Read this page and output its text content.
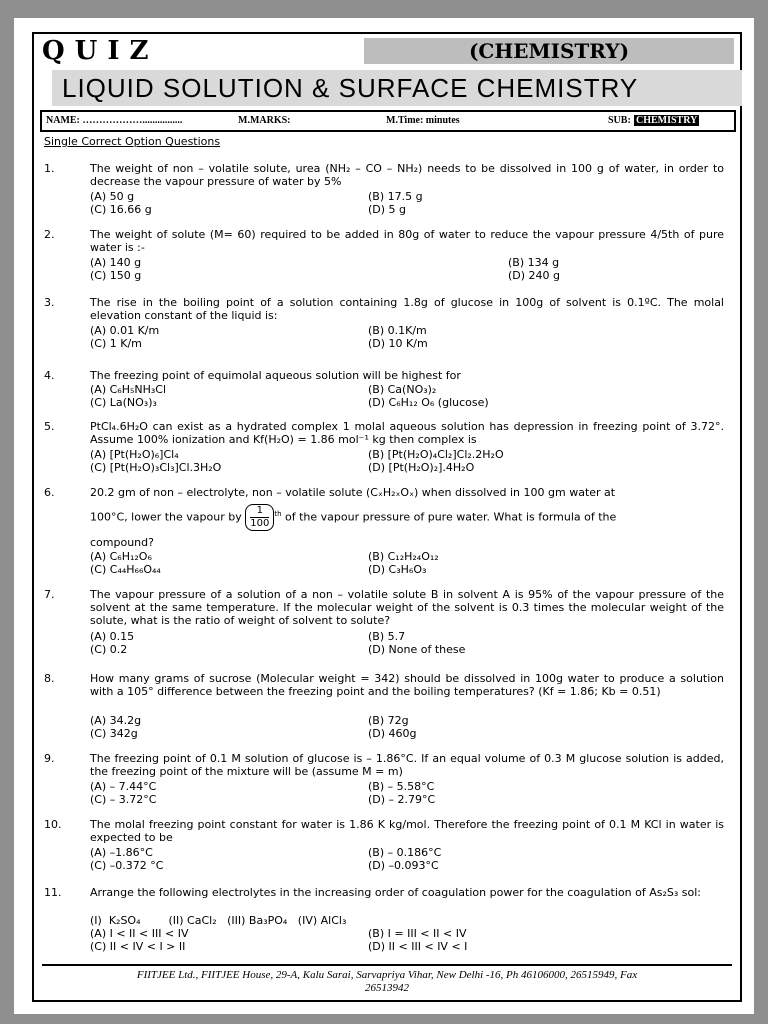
QUIZ	(CHEMISTRY)
LIQUID SOLUTION & SURFACE CHEMISTRY
NAME: ………………................	M.MARKS:	M.Time: minutes	SUB: CHEMISTRY
Single Correct Option Questions
1.	The weight of non – volatile solute, urea (NH₂ – CO – NH₂) needs to be dissolved in 100 g of water, in order to decrease the vapour pressure of water by 5%
(A) 50 g	(B) 17.5 g
(C) 16.66 g	(D) 5 g
2.	The weight of solute (M= 60) required to be added in 80g of water to reduce the vapour pressure 4/5th of pure water is :-
(A) 140 g	(B) 134 g
(C) 150 g	(D) 240 g
3.	The rise in the boiling point of a solution containing 1.8g of glucose in 100g of solvent is 0.1ºC. The molal elevation constant of the liquid is:
(A) 0.01 K/m	(B) 0.1K/m
(C) 1 K/m	(D) 10 K/m
4.	The freezing point of equimolal aqueous solution will be highest for
(A) C₆H₅NH₃Cl	(B) Ca(NO₃)₂
(C) La(NO₃)₃	(D) C₆H₁₂ O₆ (glucose)
5.	PtCl₄.6H₂O can exist as a hydrated complex 1 molal aqueous solution has depression in freezing point of 3.72°. Assume 100% ionization and Kf(H₂O) = 1.86 mol⁻¹ kg then complex is
(A) [Pt(H₂O)₆]Cl₄	(B) [Pt(H₂O)₄Cl₂]Cl₂.2H₂O
(C) [Pt(H₂O)₃Cl₃]Cl.3H₂O	(D) [Pt(H₂O)₂].4H₂O
6.	20.2 gm of non – electrolyte, non – volatile solute (CₓH₂ₓOₓ) when dissolved in 100 gm water at
100°C, lower the vapour by $\frac{1}{100} ^{th}$ of the vapour pressure of pure water. What is formula of the
compound?
(A) C₆H₁₂O₆	(B) C₁₂H₂₄O₁₂
(C) C₄₄H₆₆O₄₄	(D) C₃H₆O₃
7.	The vapour pressure of a solution of a non – volatile solute B in solvent A is 95% of the vapour pressure of the solvent at the same temperature. If the molecular weight of the solvent is 0.3 times the molecular weight of the solute, what is the ratio of weight of solvent to solute?
(A) 0.15	(B) 5.7
(C) 0.2	(D) None of these
8.	How many grams of sucrose (Molecular weight = 342) should be dissolved in 100g water to produce a solution with a 105° difference between the freezing point and the boiling temperatures? (Kf = 1.86; Kb = 0.51)
(A) 34.2g	(B) 72g
(C) 342g	(D) 460g
9.	The freezing point of 0.1 M solution of glucose is – 1.86°C. If an equal volume of 0.3 M glucose solution is added, the freezing point of the mixture will be (assume M = m)
(A) – 7.44°C	(B) – 5.58°C
(C) – 3.72°C	(D) – 2.79°C
10.	The molal freezing point constant for water is 1.86 K kg/mol. Therefore the freezing point of 0.1 M KCl in water is expected to be
(A) –1.86°C	(B) – 0.186°C
(C) –0.372 °C	(D) –0.093°C
11.	Arrange the following electrolytes in the increasing order of coagulation power for the coagulation of As₂S₃ sol:
(I)  K₂SO₄        (II) CaCl₂   (III) Ba₃PO₄   (IV) AlCl₃
(A) I < II < III < IV	(B) I = III < II < IV
(C) II < IV < I > II	(D) II < III < IV < I
FIITJEE Ltd., FIITJEE House, 29-A, Kalu Sarai, Sarvapriya Vihar, New Delhi -16, Ph 46106000, 26515949, Fax
26513942
